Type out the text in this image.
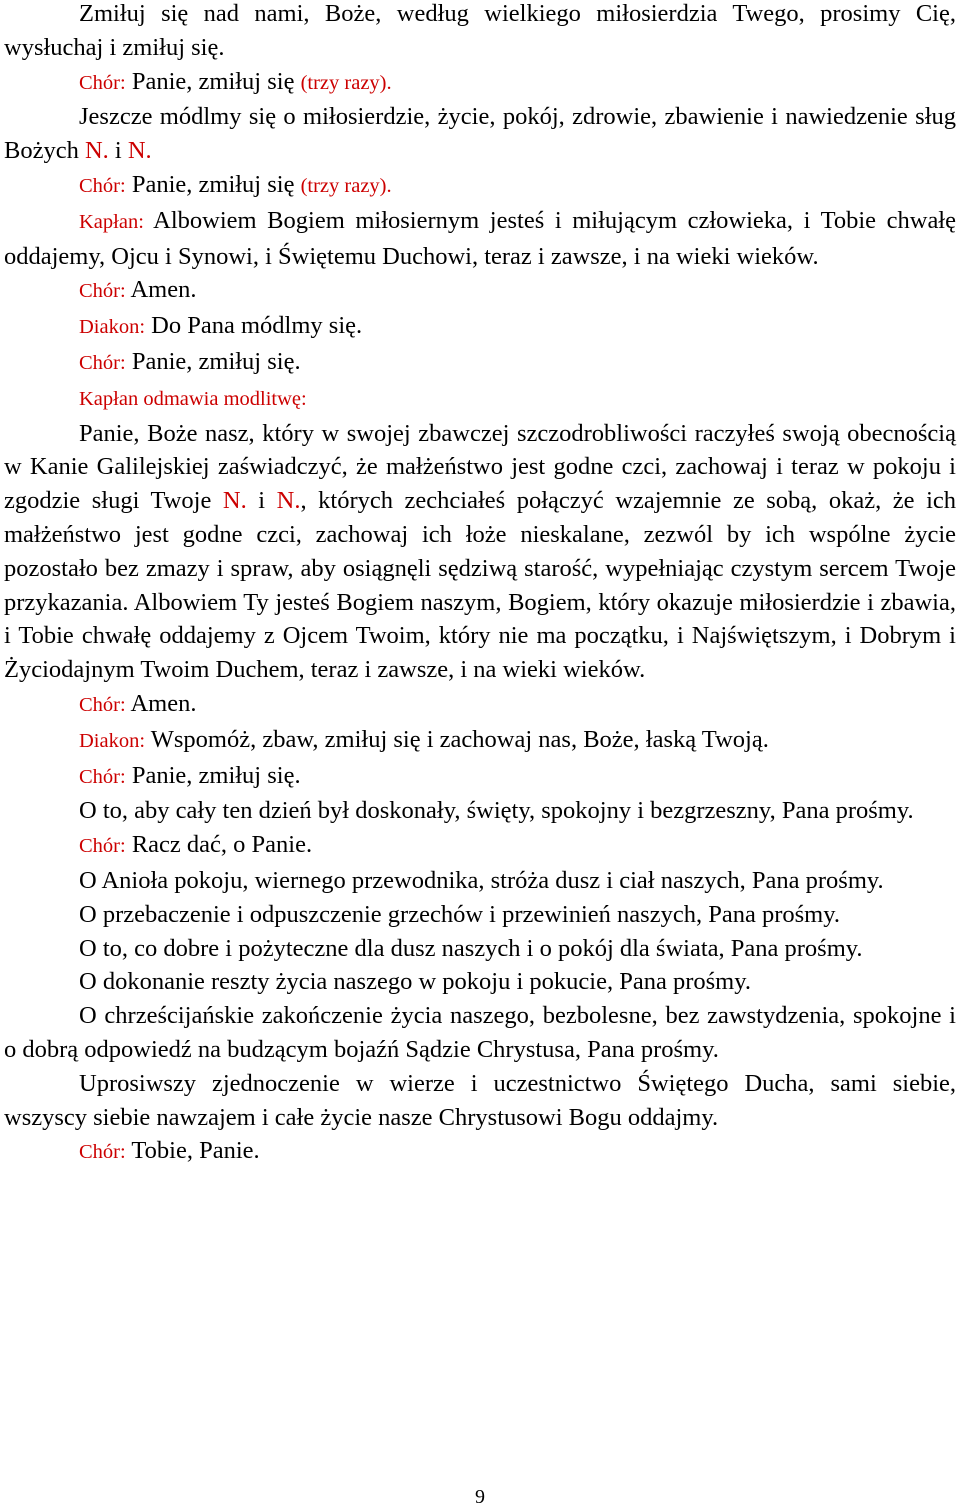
Zmiłuj się nad nami, Boże, według wielkiego miłosierdzia Twego, prosimy Cię, wysłuchaj i zmiłuj się.
Chór: Panie, zmiłuj się (trzy razy).
Jeszcze módlmy się o miłosierdzie, życie, pokój, zdrowie, zbawienie i nawiedzenie sług Bożych N. i N.
Chór: Panie, zmiłuj się (trzy razy).
Kapłan: Albowiem Bogiem miłosiernym jesteś i miłującym człowieka, i Tobie chwałę oddajemy, Ojcu i Synowi, i Świętemu Duchowi, teraz i zawsze, i na wieki wieków.
Chór: Amen.
Diakon: Do Pana módlmy się.
Chór: Panie, zmiłuj się.
Kapłan odmawia modlitwę:
Panie, Boże nasz, który w swojej zbawczej szczodrobliwości raczyłeś swoją obecnością w Kanie Galilejskiej zaświadczyć, że małżeństwo jest godne czci, zachowaj i teraz w pokoju i zgodzie sługi Twoje N. i N., których zechciałeś połączyć wzajemnie ze sobą, okaż, że ich małżeństwo jest godne czci, zachowaj ich łoże nieskalane, zezwól by ich wspólne życie pozostało bez zmazy i spraw, aby osiągnęli sędziwą starość, wypełniając czystym sercem Twoje przykazania. Albowiem Ty jesteś Bogiem naszym, Bogiem, który okazuje miłosierdzie i zbawia, i Tobie chwałę oddajemy z Ojcem Twoim, który nie ma początku, i Najświętszym, i Dobrym i Życiodajnym Twoim Duchem, teraz i zawsze, i na wieki wieków.
Chór: Amen.
Diakon: Wspomóż, zbaw, zmiłuj się i zachowaj nas, Boże, łaską Twoją.
Chór: Panie, zmiłuj się.
O to, aby cały ten dzień był doskonały, święty, spokojny i bezgrzeszny, Pana prośmy.
Chór: Racz dać, o Panie.
O Anioła pokoju, wiernego przewodnika, stróża dusz i ciał naszych, Pana prośmy.
O przebaczenie i odpuszczenie grzechów i przewinień naszych, Pana prośmy.
O to, co dobre i pożyteczne dla dusz naszych i o pokój dla świata, Pana prośmy.
O dokonanie reszty życia naszego w pokoju i pokucie, Pana prośmy.
O chrześcijańskie zakończenie życia naszego, bezbolesne, bez zawstydzenia, spokojne i o dobrą odpowiedź na budzącym bojaźń Sądzie Chrystusa, Pana prośmy.
Uprosiwszy zjednoczenie w wierze i uczestnictwo Świętego Ducha, sami siebie, wszyscy siebie nawzajem i całe życie nasze Chrystusowi Bogu oddajmy.
Chór: Tobie, Panie.
9
